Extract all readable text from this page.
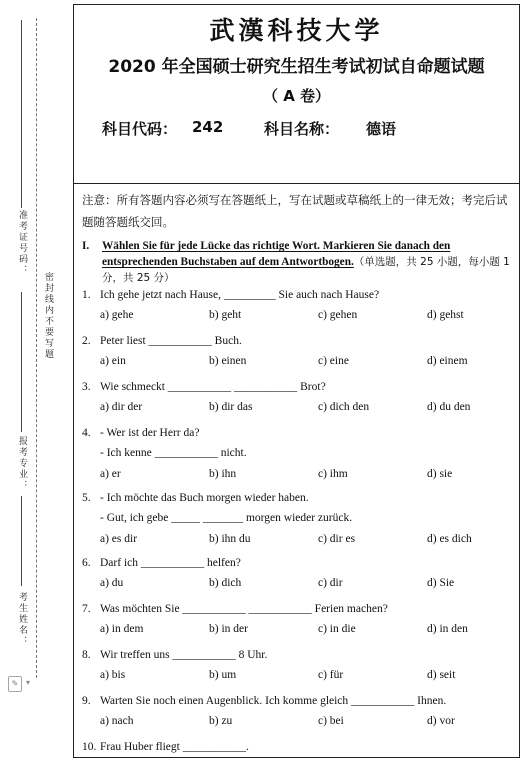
准考证号码：
密封线内不要写题
报考专业：
考生姓名：
✎ ▾
武漢科技大学
2020 年全国硕士研究生招生考试初试自命题试题
（ A 卷）
科目代码： 242	科目名称： 德语
注意：所有答题内容必须写在答题纸上，写在试题或草稿纸上的一律无效；考完后试题随答题纸交回。
I. Wählen Sie für jede Lücke das richtige Wort. Markieren Sie danach den entsprechenden Buchstaben auf dem Antwortbogen.（单选题，共 25 小题，每小题 1 分，共 25 分）
1. Ich gehe jetzt nach Hause, _________ Sie auch nach Hause?
a) gehe	b) geht	c) gehen	d) gehst
2. Peter liest ___________ Buch.
a) ein	b) einen	c) eine	d) einem
3. Wie schmeckt ___________ ___________ Brot?
a) dir der	b) dir das	c) dich den	d) du den
4. - Wer ist der Herr da?
- Ich kenne ___________ nicht.
a) er	b) ihn	c) ihm	d) sie
5. - Ich möchte das Buch morgen wieder haben.
- Gut, ich gebe _____ _______ morgen wieder zurück.
a) es dir	b) ihn du	c) dir es	d) es dich
6. Darf ich ___________ helfen?
a) du	b) dich	c) dir	d) Sie
7. Was möchten Sie ___________ ___________ Ferien machen?
a) in dem	b) in der	c) in die	d) in den
8. Wir treffen uns ___________ 8 Uhr.
a) bis	b) um	c) für	d) seit
9. Warten Sie noch einen Augenblick. Ich komme gleich ___________ Ihnen.
a) nach	b) zu	c) bei	d) vor
10. Frau Huber fliegt ___________.
